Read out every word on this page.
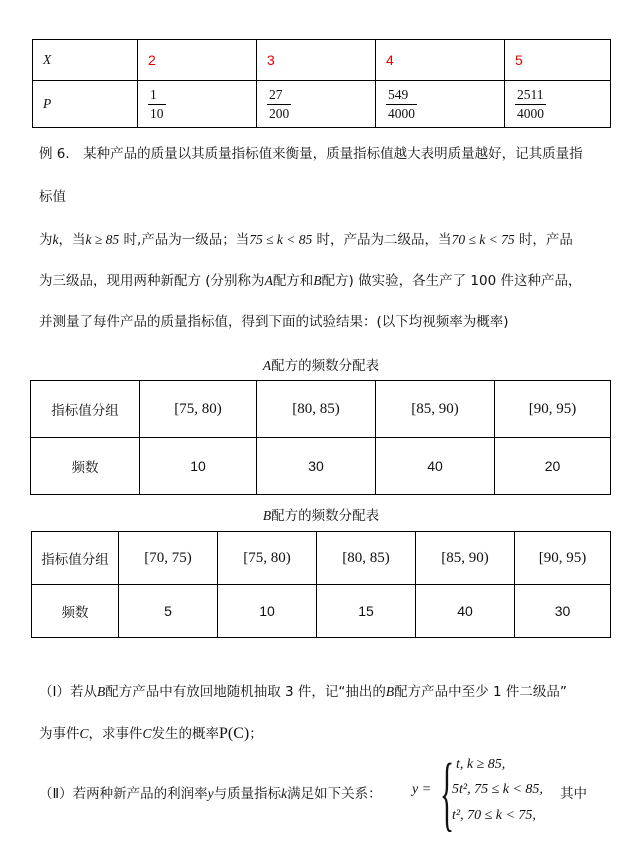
X	2	3	4	5
P	$\frac{1}{10}$	$\frac{27}{200}$	$\frac{549}{4000}$	$\frac{2511}{4000}$
例 6． 某种产品的质量以其质量指标值来衡量，质量指标值越大表明质量越好，记其质量指
标值
为k，当k ≥ 85 时,产品为一级品；当75 ≤ k < 85 时，产品为二级品，当70 ≤ k < 75 时，产品
为三级品，现用两种新配方 (分别称为A配方和B配方) 做实验，各生产了 100 件这种产品，
并测量了每件产品的质量指标值，得到下面的试验结果：(以下均视频率为概率)
A配方的频数分配表
指标值分组	[75, 80)	[80, 85)	[85, 90)	[90, 95)
频数	10	30	40	20
B配方的频数分配表
指标值分组	[70, 75)	[75, 80)	[80, 85)	[85, 90)	[90, 95)
频数	5	10	15	40	30
（Ⅰ）若从B配方产品中有放回地随机抽取 3 件，记“抽出的B配方产品中至少 1 件二级品”
为事件C，求事件C发生的概率P(C)；
（Ⅱ）若两种新产品的利润率y与质量指标k满足如下关系： y = { t, k ≥ 85,
5t², 75 ≤ k < 85, 其中
t², 70 ≤ k < 75,
